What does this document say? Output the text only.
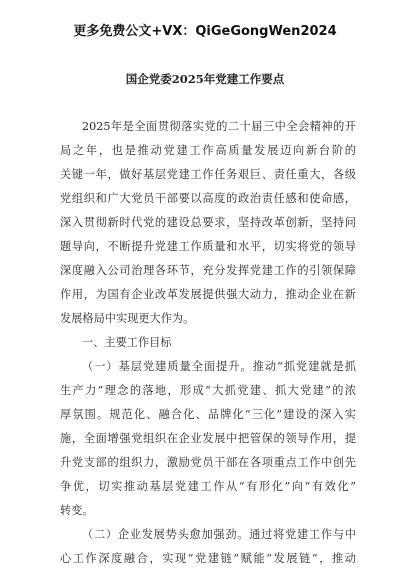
更多免费公文+VX：QiGeGongWen2024
国企党委2025年党建工作要点
2025年是全面贯彻落实党的二十届三中全会精神的开
局之年，也是推动党建工作高质量发展迈向新台阶的
关键一年，做好基层党建工作任务艰巨、责任重大，各级
党组织和广大党员干部要以高度的政治责任感和使命感，
深入贯彻新时代党的建设总要求，坚持改革创新，坚持问
题导向，不断提升党建工作质量和水平，切实将党的领导
深度融入公司治理各环节，充分发挥党建工作的引领保障
作用，为国有企业改革发展提供强大动力，推动企业在新
发展格局中实现更大作为。
一、主要工作目标
（一）基层党建质量全面提升。推动“抓党建就是抓
生产力”理念的落地，形成“大抓党建、抓大党建”的浓
厚氛围。规范化、融合化、品牌化“三化”建设的深入实
施，全面增强党组织在企业发展中把管保的领导作用，提
升党支部的组织力，激励党员干部在各项重点工作中创先
争优，切实推动基层党建工作从“有形化”向“有效化”
转变。
（二）企业发展势头愈加强劲。通过将党建工作与中
心工作深度融合，实现“党建链”赋能“发展链”，推动
